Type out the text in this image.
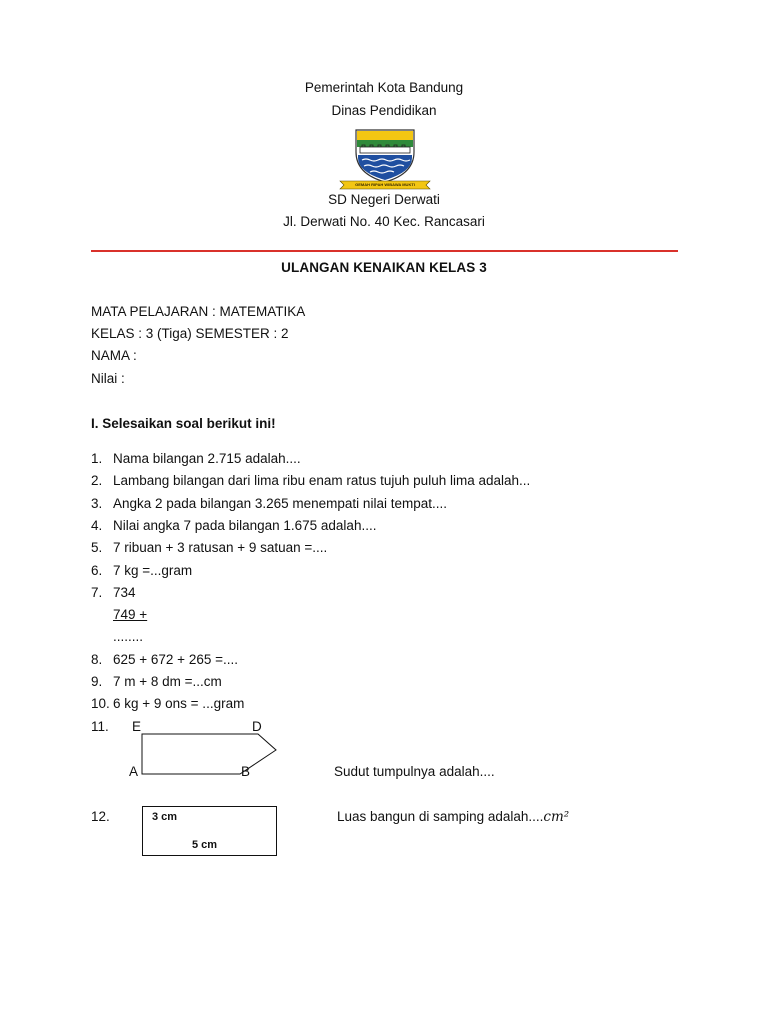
Pemerintah Kota Bandung
Dinas Pendidikan
GEMAH RIPAH WIBAWA MUKTI
SD Negeri Derwati
Jl. Derwati No. 40 Kec. Rancasari
ULANGAN KENAIKAN KELAS 3
MATA PELAJARAN : MATEMATIKA
KELAS : 3 (Tiga) SEMESTER : 2
NAMA :
Nilai :
I. Selesaikan soal berikut ini!
1. Nama bilangan 2.715 adalah....
2. Lambang bilangan dari lima ribu enam ratus tujuh puluh lima adalah...
3. Angka 2 pada bilangan 3.265 menempati nilai tempat....
4. Nilai angka 7 pada bilangan 1.675 adalah....
5. 7 ribuan + 3 ratusan + 9 satuan =....
6. 7 kg =...gram
7. 734
749 +
........
8. 625 + 672 + 265 =....
9. 7 m + 8 dm =...cm
10. 6 kg + 9 ons = ...gram
11. E	D
A	B	Sudut tumpulnya adalah....
12.	3 cm
5 cm
Luas bangun di samping adalah....cm²
